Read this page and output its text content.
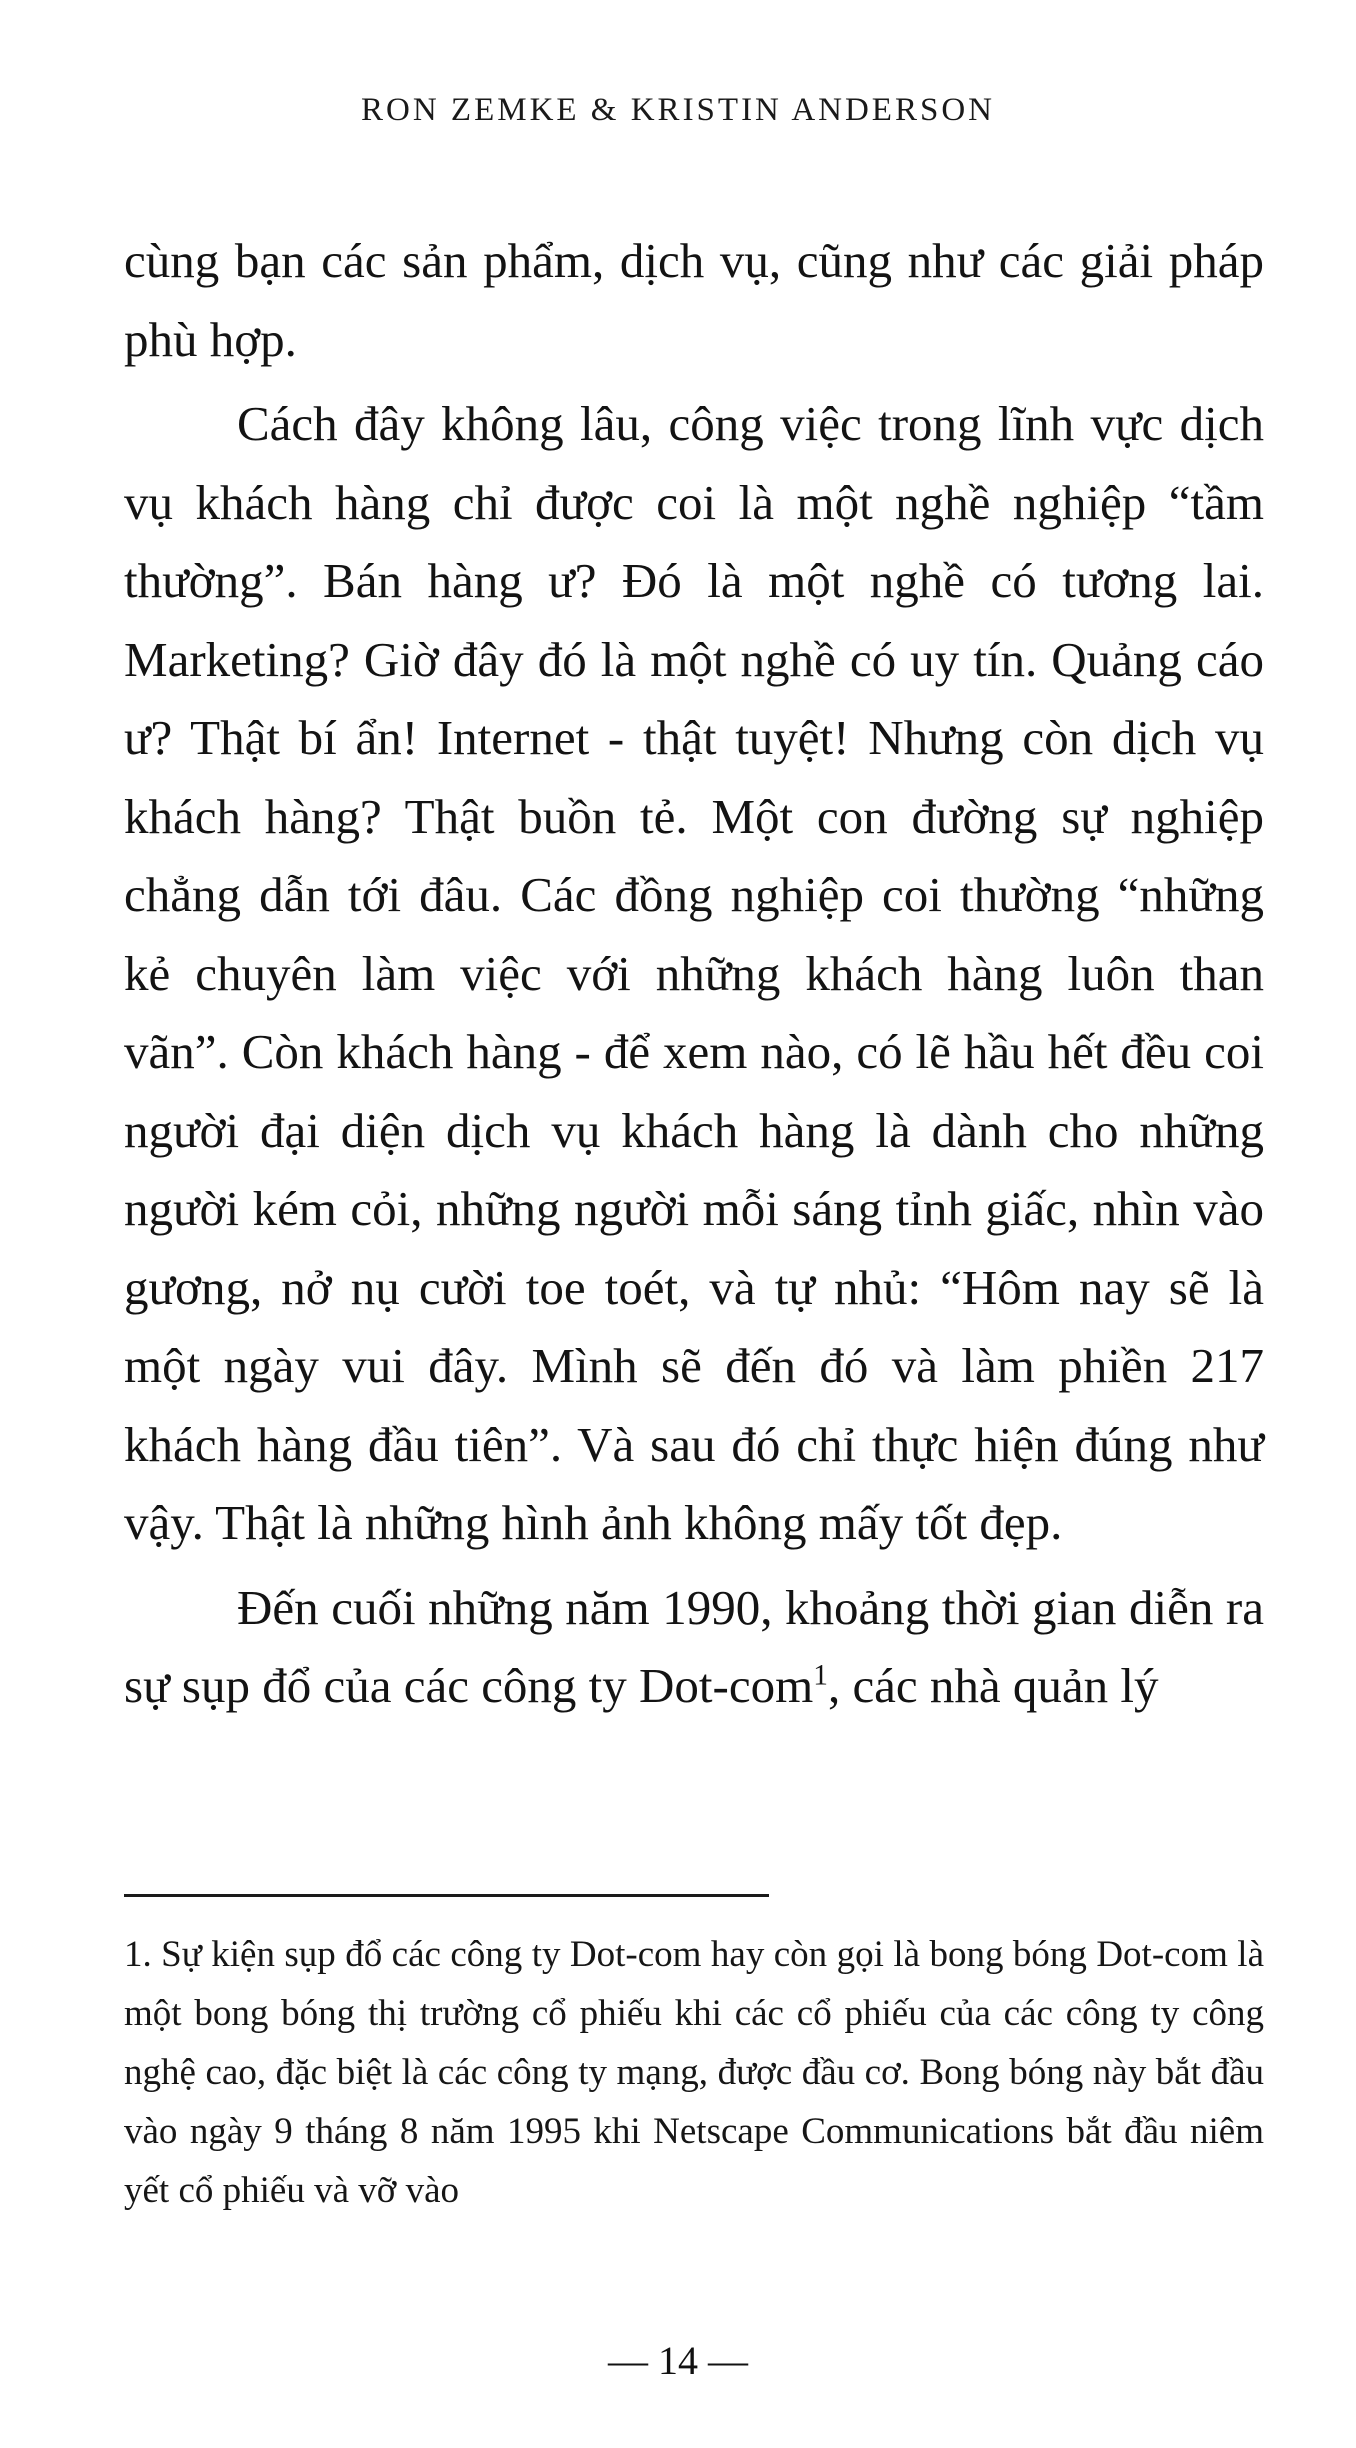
RON ZEMKE & KRISTIN ANDERSON

cùng bạn các sản phẩm, dịch vụ, cũng như các giải pháp phù hợp.

Cách đây không lâu, công việc trong lĩnh vực dịch vụ khách hàng chỉ được coi là một nghề nghiệp “tầm thường”. Bán hàng ư? Đó là một nghề có tương lai. Marketing? Giờ đây đó là một nghề có uy tín. Quảng cáo ư? Thật bí ẩn! Internet - thật tuyệt! Nhưng còn dịch vụ khách hàng? Thật buồn tẻ. Một con đường sự nghiệp chẳng dẫn tới đâu. Các đồng nghiệp coi thường “những kẻ chuyên làm việc với những khách hàng luôn than vãn”. Còn khách hàng - để xem nào, có lẽ hầu hết đều coi người đại diện dịch vụ khách hàng là dành cho những người kém cỏi, những người mỗi sáng tỉnh giấc, nhìn vào gương, nở nụ cười toe toét, và tự nhủ: “Hôm nay sẽ là một ngày vui đây. Mình sẽ đến đó và làm phiền 217 khách hàng đầu tiên”. Và sau đó chỉ thực hiện đúng như vậy. Thật là những hình ảnh không mấy tốt đẹp.

Đến cuối những năm 1990, khoảng thời gian diễn ra sự sụp đổ của các công ty Dot-com$^1$, các nhà quản lý

1. Sự kiện sụp đổ các công ty Dot-com hay còn gọi là bong bóng Dot-com là một bong bóng thị trường cổ phiếu khi các cổ phiếu của các công ty công nghệ cao, đặc biệt là các công ty mạng, được đầu cơ. Bong bóng này bắt đầu vào ngày 9 tháng 8 năm 1995 khi Netscape Communications bắt đầu niêm yết cổ phiếu và vỡ vào

— 14 —
